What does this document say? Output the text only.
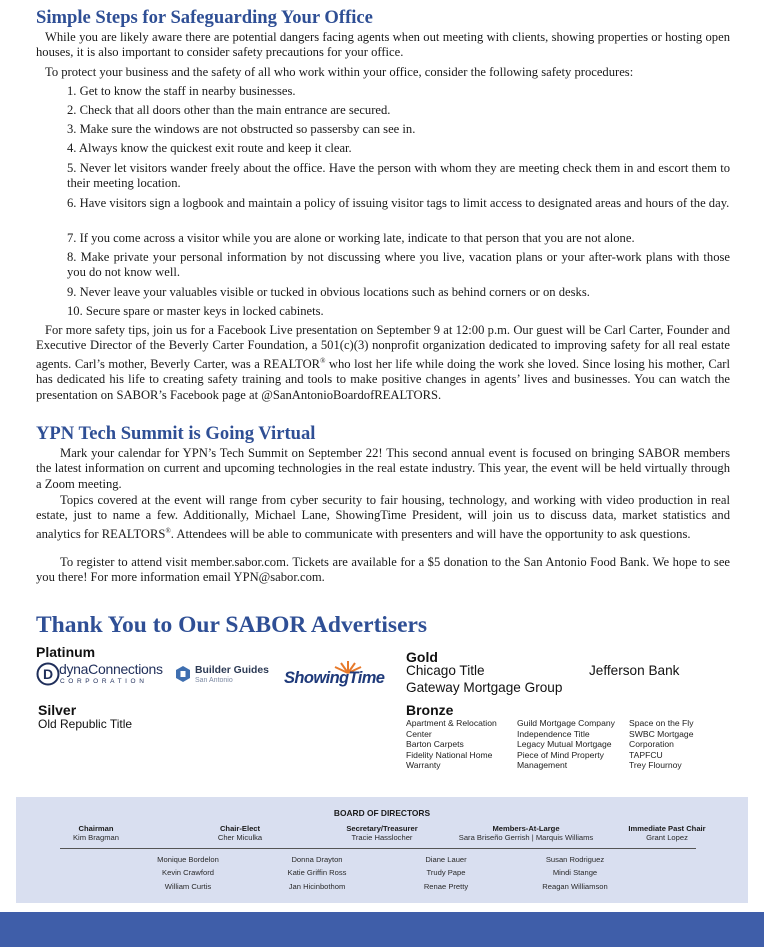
Simple Steps for Safeguarding Your Office

While you are likely aware there are potential dangers facing agents when out meeting with clients, showing properties or hosting open houses, it is also important to consider safety precautions for your office.

To protect your business and the safety of all who work within your office, consider the following safety procedures:

1. Get to know the staff in nearby businesses.
2. Check that all doors other than the main entrance are secured.
3. Make sure the windows are not obstructed so passersby can see in.
4. Always know the quickest exit route and keep it clear.
5. Never let visitors wander freely about the office. Have the person with whom they are meeting check them in and escort them to their meeting location.
6. Have visitors sign a logbook and maintain a policy of issuing visitor tags to limit access to designated areas and hours of the day.
7. If you come across a visitor while you are alone or working late, indicate to that person that you are not alone.
8. Make private your personal information by not discussing where you live, vacation plans or your after-work plans with those you do not know well.
9. Never leave your valuables visible or tucked in obvious locations such as behind corners or on desks.
10. Secure spare or master keys in locked cabinets.

For more safety tips, join us for a Facebook Live presentation on September 9 at 12:00 p.m. Our guest will be Carl Carter, Founder and Executive Director of the Beverly Carter Foundation, a 501(c)(3) nonprofit organization dedicated to improving safety for all real estate agents. Carl’s mother, Beverly Carter, was a REALTOR® who lost her life while doing the work she loved. Since losing his mother, Carl has dedicated his life to creating safety training and tools to make positive changes in agents’ lives and businesses. You can watch the presentation on SABOR’s Facebook page at @SanAntonioBoardofREALTORS.

YPN Tech Summit is Going Virtual

Mark your calendar for YPN’s Tech Summit on September 22! This second annual event is focused on bringing SABOR members the latest information on current and upcoming technologies in the real estate industry. This year, the event will be held virtually through a Zoom meeting.

Topics covered at the event will range from cyber security to fair housing, technology, and working with video production in real estate, just to name a few. Additionally, Michael Lane, ShowingTime President, will join us to discuss data, market statistics and analytics for REALTORS®. Attendees will be able to communicate with presenters and will have the opportunity to ask questions.

To register to attend visit member.sabor.com. Tickets are available for a $5 donation to the San Antonio Food Bank. We hope to see you there! For more information email YPN@sabor.com.

Thank You to Our SABOR Advertisers
Platinum
D dynaConnections
CORPORATION
Builder Guides
San Antonio	ShowingTime
Gold
Chicago Title	Jefferson Bank
Gateway Mortgage Group
Silver
Old Republic Title
Bronze
Apartment & Relocation
Center
Barton Carpets
Fidelity National Home
Warranty
Guild Mortgage Company
Independence Title
Legacy Mutual Mortgage
Piece of Mind Property
Management
Space on the Fly
SWBC Mortgage
Corporation
TAPFCU
Trey Flournoy
BOARD OF DIRECTORS
Chairman
Kim Bragman
Chair-Elect
Cher Miculka
Secretary/Treasurer
Tracie Hasslocher
Members-At-Large
Sara Briseño Gerrish | Marquis Williams
Immediate Past Chair
Grant Lopez
Monique Bordelon	Donna Drayton	Diane Lauer	Susan Rodriguez
Kevin Crawford	Katie Griffin Ross	Trudy Pape	Mindi Stange
William Curtis	Jan Hicinbothom	Renae Pretty	Reagan Williamson
